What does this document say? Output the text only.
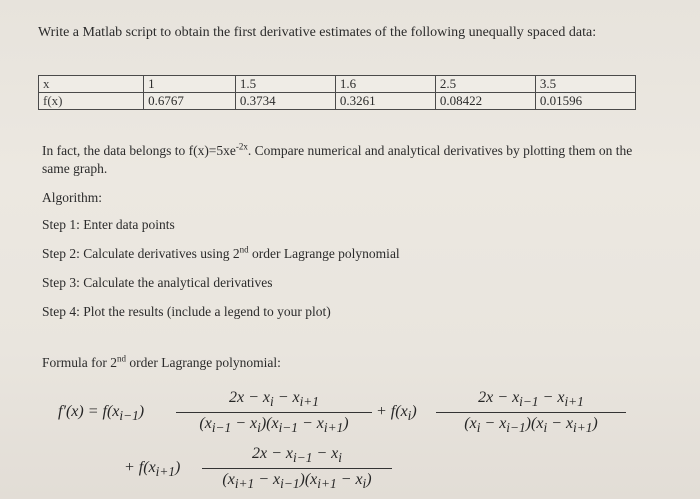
Write a Matlab script to obtain the first derivative estimates of the following unequally spaced data:
x	1	1.5	1.6	2.5	3.5
f(x)	0.6767	0.3734	0.3261	0.08422	0.01596
In fact, the data belongs to $f(x)=5xe^{-2x}$. Compare numerical and analytical derivatives by plotting them on the same graph.
Algorithm:
Step 1: Enter data points
Step 2: Calculate derivatives using 2nd order Lagrange polynomial
Step 3: Calculate the analytical derivatives
Step 4: Plot the results (include a legend to your plot)
Formula for 2nd order Lagrange polynomial:
$f'(x) = f(x_{i-1})$
$2x - x_i - x_{i+1}$
$(x_{i-1} - x_i)(x_{i-1} - x_{i+1})$
+ $f(x_i)$
$2x - x_{i-1} - x_{i+1}$
$(x_i - x_{i-1})(x_i - x_{i+1})$
+ $f(x_{i+1})$
$2x - x_{i-1} - x_i$
$(x_{i+1} - x_{i-1})(x_{i+1} - x_i)$
